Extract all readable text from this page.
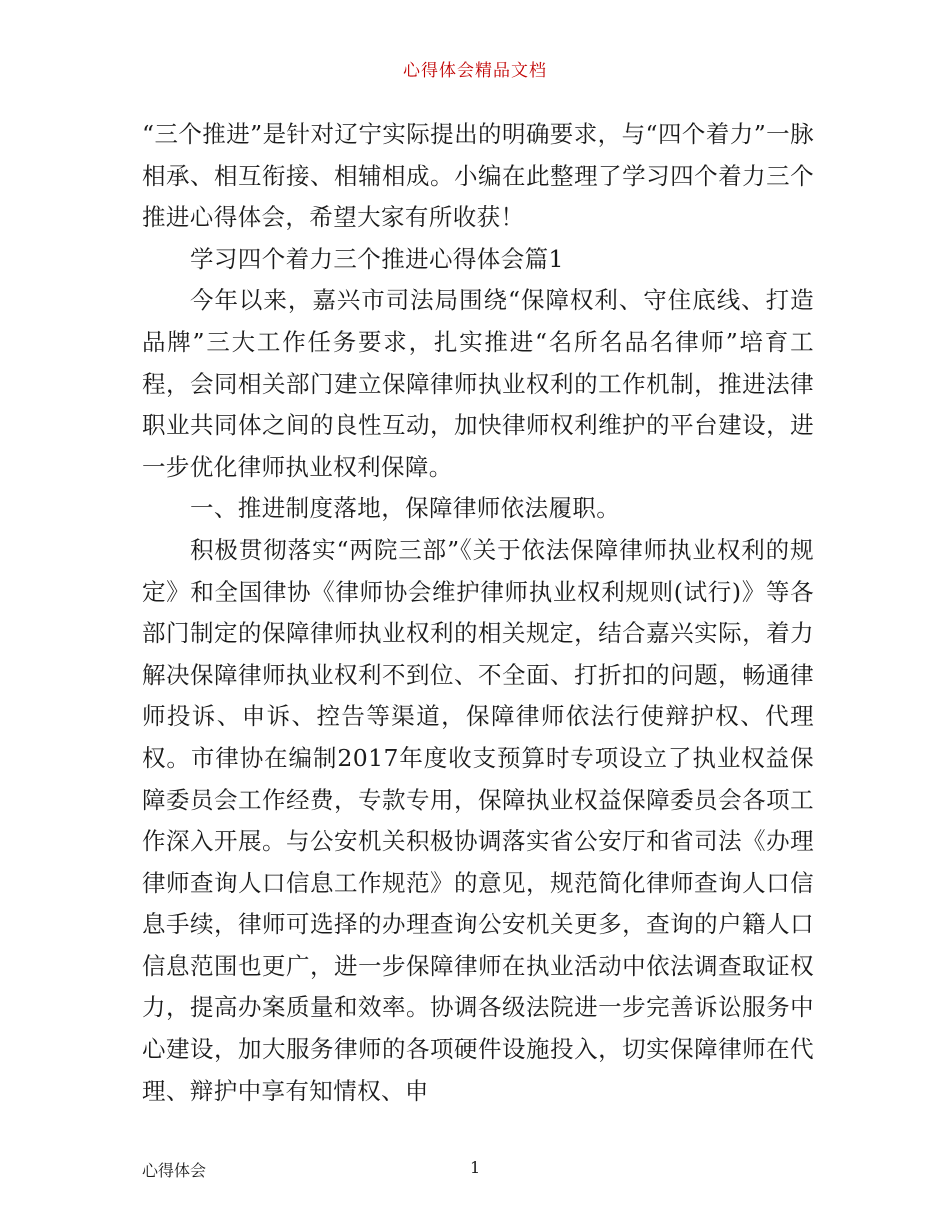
心得体会精品文档

“三个推进”是针对辽宁实际提出的明确要求，与“四个着力”一脉相承、相互衔接、相辅相成。小编在此整理了学习四个着力三个推进心得体会，希望大家有所收获！

学习四个着力三个推进心得体会篇1

今年以来，嘉兴市司法局围绕“保障权利、守住底线、打造品牌”三大工作任务要求，扎实推进“名所名品名律师”培育工程，会同相关部门建立保障律师执业权利的工作机制，推进法律职业共同体之间的良性互动，加快律师权利维护的平台建设，进一步优化律师执业权利保障。

一、推进制度落地，保障律师依法履职。

积极贯彻落实“两院三部”《关于依法保障律师执业权利的规定》和全国律协《律师协会维护律师执业权利规则(试行)》等各部门制定的保障律师执业权利的相关规定，结合嘉兴实际，着力解决保障律师执业权利不到位、不全面、打折扣的问题，畅通律师投诉、申诉、控告等渠道，保障律师依法行使辩护权、代理权。市律协在编制2017年度收支预算时专项设立了执业权益保障委员会工作经费，专款专用，保障执业权益保障委员会各项工作深入开展。与公安机关积极协调落实省公安厅和省司法《办理律师查询人口信息工作规范》的意见，规范简化律师查询人口信息手续，律师可选择的办理查询公安机关更多，查询的户籍人口信息范围也更广，进一步保障律师在执业活动中依法调查取证权力，提高办案质量和效率。协调各级法院进一步完善诉讼服务中心建设，加大服务律师的各项硬件设施投入，切实保障律师在代理、辩护中享有知情权、申

心得体会	1
